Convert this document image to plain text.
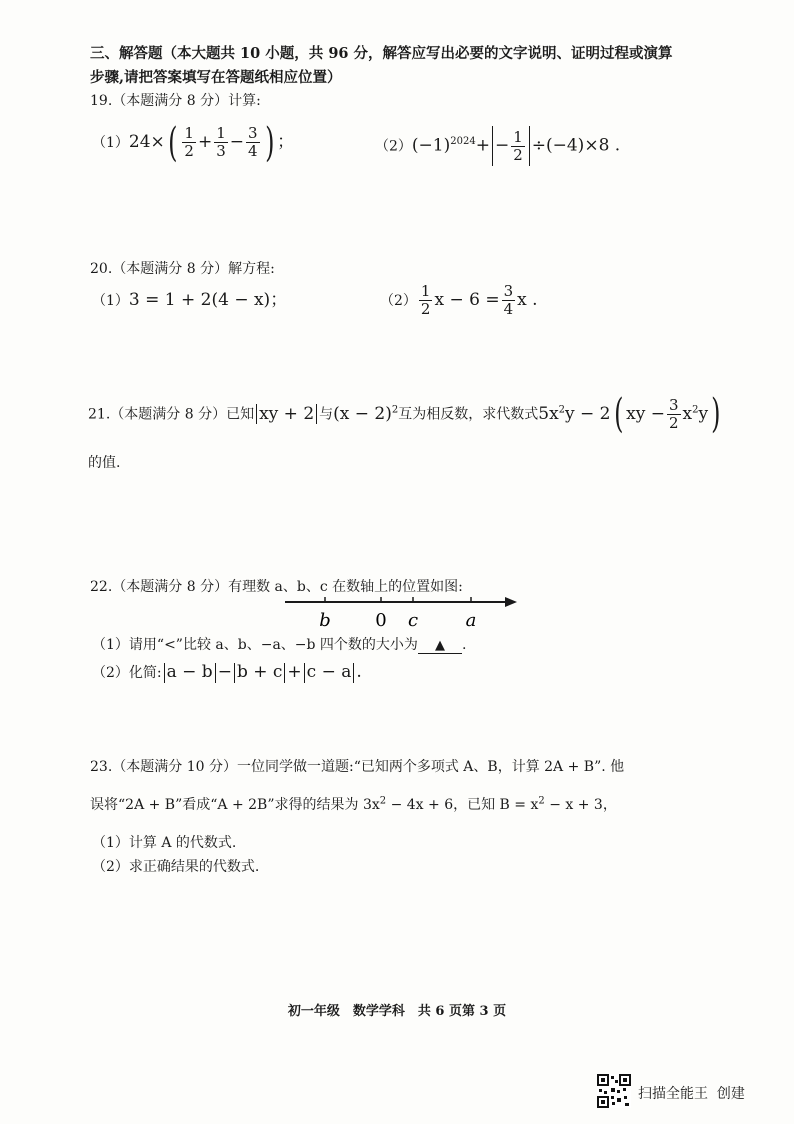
三、解答题（本大题共 10 小题，共 96 分，解答应写出必要的文字说明、证明过程或演算
步骤,请把答案填写在答题纸相应位置）
19.（本题满分 8 分）计算:
$(1)24\times( \frac{1}{2} + \frac{1}{3} - \frac{3}{4}$ ) ；	$(2)(-1)^{2024}+ - \frac{1}{2} \div(-4)\times 8$ .
20.（本题满分 8 分）解方程:
（1）3 = 1 + 2(4 − x)；	$(2) \frac{1}{2}$ $x - 6 = \frac{3}{4}$ x .
21.（本题满分 8 分）已知 xy + 2 与$(x - 2)^2$互为相反数，求代数式$5x^2y - 2$( xy − $\frac{3}{2} x^2y$)
的值.
22.（本题满分 8 分）有理数 a、b、c 在数轴上的位置如图:
b 0 c	a
（1）请用“<”比较 a、b、−a、−b 四个数的大小为 ▲ .
（2）化简: a − b − b + c + c − a .
23.（本题满分 10 分）一位同学做一道题:“已知两个多项式 A、B，计算 2A + B”. 他
误将“2A + B”看成“A + 2B”求得的结果为 $3x^2 - 4x + 6$，已知 $B = x^2 - x + 3$，
（1）计算 A 的代数式.
（2）求正确结果的代数式.
初一年级　数学学科　共 6 页第 3 页
扫描全能王  创建
